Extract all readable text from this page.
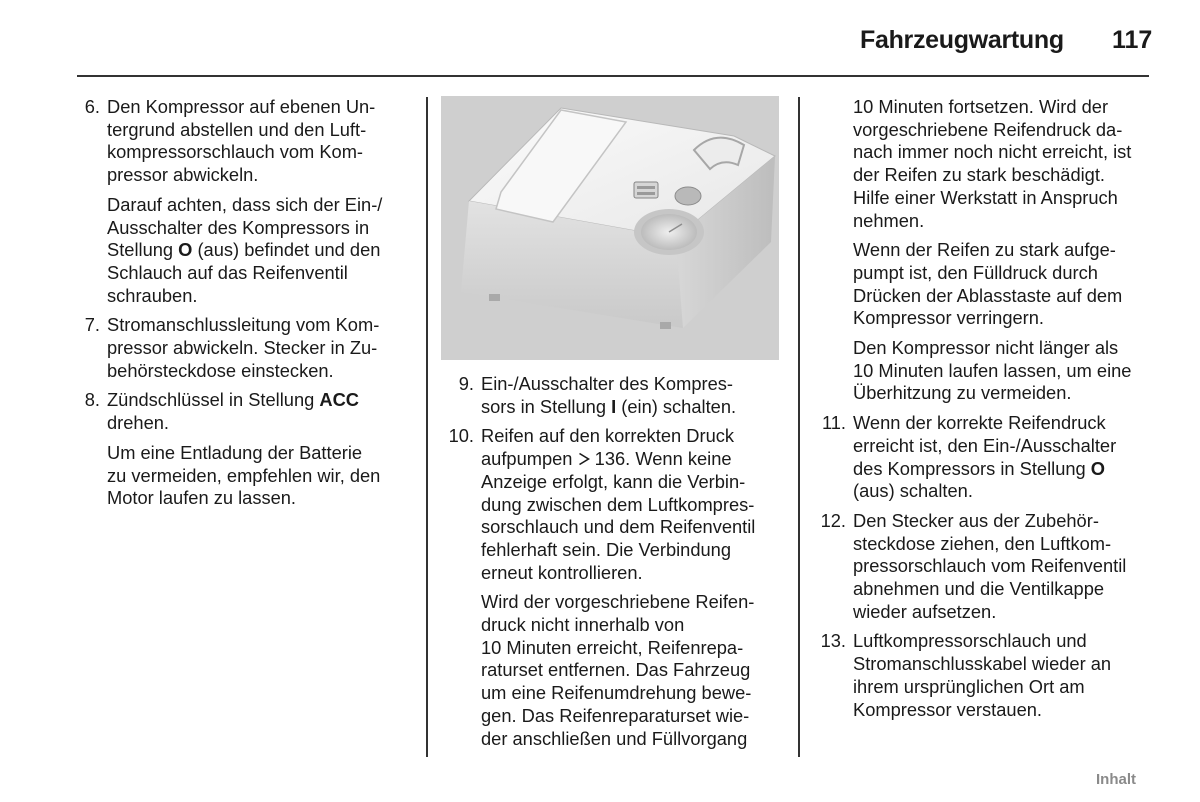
Fahrzeugwartung 117
6. Den Kompressor auf ebenen Un-
tergrund abstellen und den Luft-
kompressorschlauch vom Kom-
pressor abwickeln.

Darauf achten, dass sich der Ein-/
Ausschalter des Kompressors in
Stellung O (aus) befindet und den
Schlauch auf das Reifenventil
schrauben.

7. Stromanschlussleitung vom Kom-
pressor abwickeln. Stecker in Zu-
behörsteckdose einstecken.
8. Zündschlüssel in Stellung ACC
drehen.

Um eine Entladung der Batterie
zu vermeiden, empfehlen wir, den
Motor laufen zu lassen.

9. Ein-/Ausschalter des Kompres-
sors in Stellung I (ein) schalten.
10. Reifen auf den korrekten Druck
aufpumpen  136. Wenn keine
Anzeige erfolgt, kann die Verbin-
dung zwischen dem Luftkompres-
sorschlauch und dem Reifenventil
fehlerhaft sein. Die Verbindung
erneut kontrollieren.

Wird der vorgeschriebene Reifen-
druck nicht innerhalb von
10 Minuten erreicht, Reifenrepa-
raturset entfernen. Das Fahrzeug
um eine Reifenumdrehung bewe-
gen. Das Reifenreparaturset wie-
der anschließen und Füllvorgang

10 Minuten fortsetzen. Wird der
vorgeschriebene Reifendruck da-
nach immer noch nicht erreicht, ist
der Reifen zu stark beschädigt.
Hilfe einer Werkstatt in Anspruch
nehmen.

Wenn der Reifen zu stark aufge-
pumpt ist, den Fülldruck durch
Drücken der Ablasstaste auf dem
Kompressor verringern.

Den Kompressor nicht länger als
10 Minuten laufen lassen, um eine
Überhitzung zu vermeiden.

11. Wenn der korrekte Reifendruck
erreicht ist, den Ein-/Ausschalter
des Kompressors in Stellung O
(aus) schalten.
12. Den Stecker aus der Zubehör-
steckdose ziehen, den Luftkom-
pressorschlauch vom Reifenventil
abnehmen und die Ventilkappe
wieder aufsetzen.
13. Luftkompressorschlauch und
Stromanschlusskabel wieder an
ihrem ursprünglichen Ort am
Kompressor verstauen.
Inhalt
